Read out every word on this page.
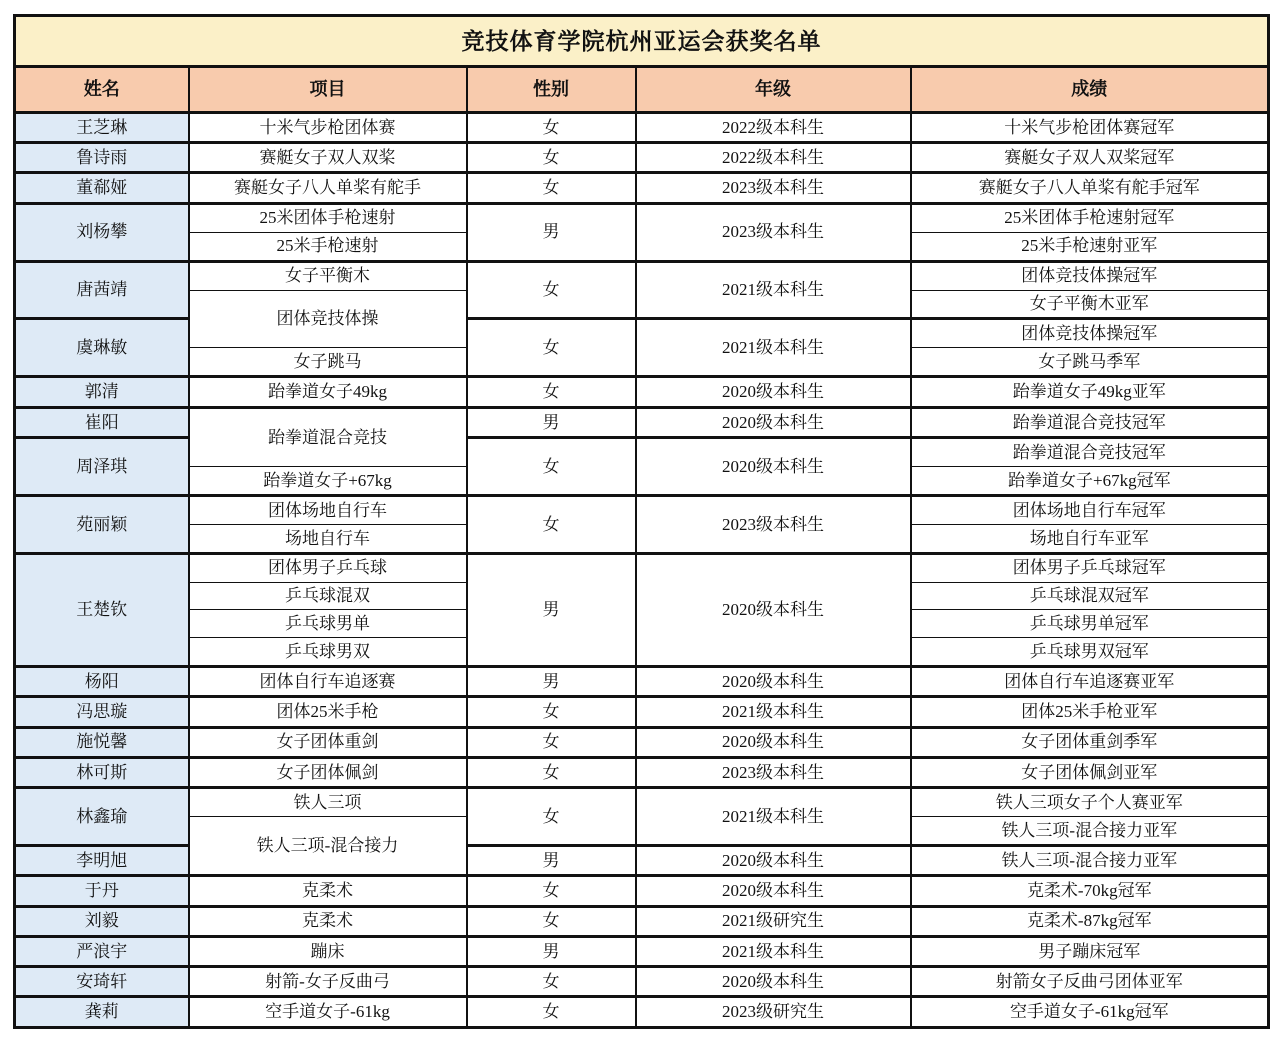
竞技体育学院杭州亚运会获奖名单				
姓名	项目	性别	年级	成绩
王芝琳	十米气步枪团体赛	女	2022级本科生	十米气步枪团体赛冠军
鲁诗雨	赛艇女子双人双桨	女	2022级本科生	赛艇女子双人双桨冠军
董郗娅	赛艇女子八人单桨有舵手	女	2023级本科生	赛艇女子八人单桨有舵手冠军
刘杨攀	25米团体手枪速射	男	2023级本科生	25米团体手枪速射冠军
	25米手枪速射			25米手枪速射亚军
唐茜靖	女子平衡木	女	2021级本科生	团体竞技体操冠军
	团体竞技体操			女子平衡木亚军
虞琳敏		女	2021级本科生	团体竞技体操冠军
	女子跳马			女子跳马季军
郭清	跆拳道女子49kg	女	2020级本科生	跆拳道女子49kg亚军
崔阳	跆拳道混合竞技	男	2020级本科生	跆拳道混合竞技冠军
周泽琪		女	2020级本科生	跆拳道混合竞技冠军
	跆拳道女子+67kg			跆拳道女子+67kg冠军
苑丽颖	团体场地自行车	女	2023级本科生	团体场地自行车冠军
	场地自行车			场地自行车亚军
王楚钦	团体男子乒乓球	男	2020级本科生	团体男子乒乓球冠军
	乒乓球混双			乒乓球混双冠军
	乒乓球男单			乒乓球男单冠军
	乒乓球男双			乒乓球男双冠军
杨阳	团体自行车追逐赛	男	2020级本科生	团体自行车追逐赛亚军
冯思璇	团体25米手枪	女	2021级本科生	团体25米手枪亚军
施悦馨	女子团体重剑	女	2020级本科生	女子团体重剑季军
林可斯	女子团体佩剑	女	2023级本科生	女子团体佩剑亚军
林鑫瑜	铁人三项	女	2021级本科生	铁人三项女子个人赛亚军
	铁人三项-混合接力			铁人三项-混合接力亚军
李明旭		男	2020级本科生	铁人三项-混合接力亚军
于丹	克柔术	女	2020级本科生	克柔术-70kg冠军
刘毅	克柔术	女	2021级研究生	克柔术-87kg冠军
严浪宇	蹦床	男	2021级本科生	男子蹦床冠军
安琦轩	射箭-女子反曲弓	女	2020级本科生	射箭女子反曲弓团体亚军
龚莉	空手道女子-61kg	女	2023级研究生	空手道女子-61kg冠军
